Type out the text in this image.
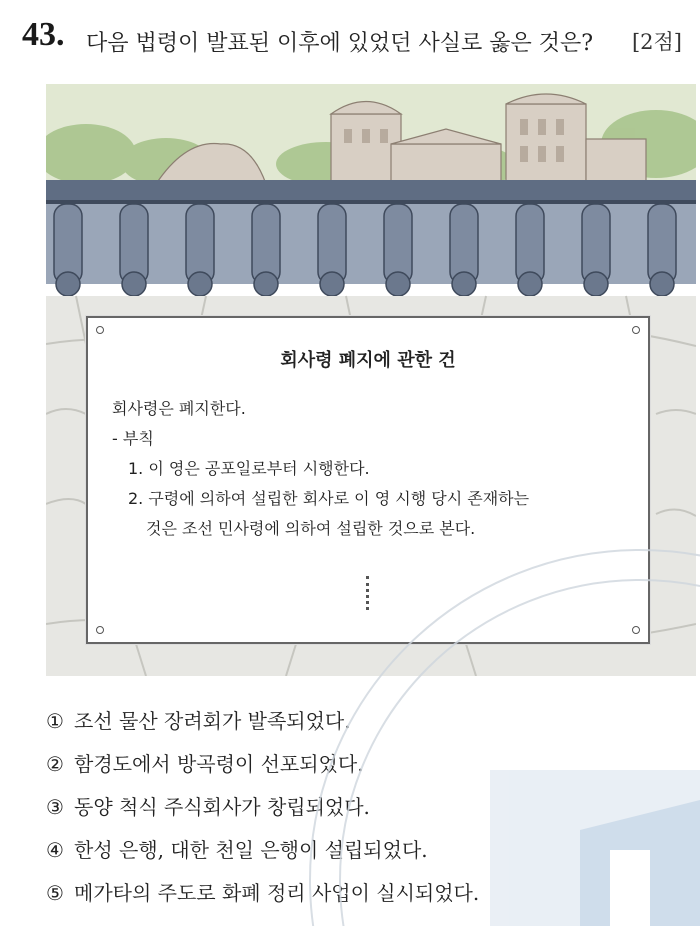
43. 다음 법령이 발표된 이후에 있었던 사실로 옳은 것은? [2점]
회사령 폐지에 관한 건
회사령은 폐지한다.
- 부칙
1. 이 영은 공포일로부터 시행한다.
2. 구령에 의하여 설립한 회사로 이 영 시행 당시 존재하는
것은 조선 민사령에 의하여 설립한 것으로 본다.
① 조선 물산 장려회가 발족되었다.
② 함경도에서 방곡령이 선포되었다.
③ 동양 척식 주식회사가 창립되었다.
④ 한성 은행, 대한 천일 은행이 설립되었다.
⑤ 메가타의 주도로 화폐 정리 사업이 실시되었다.
